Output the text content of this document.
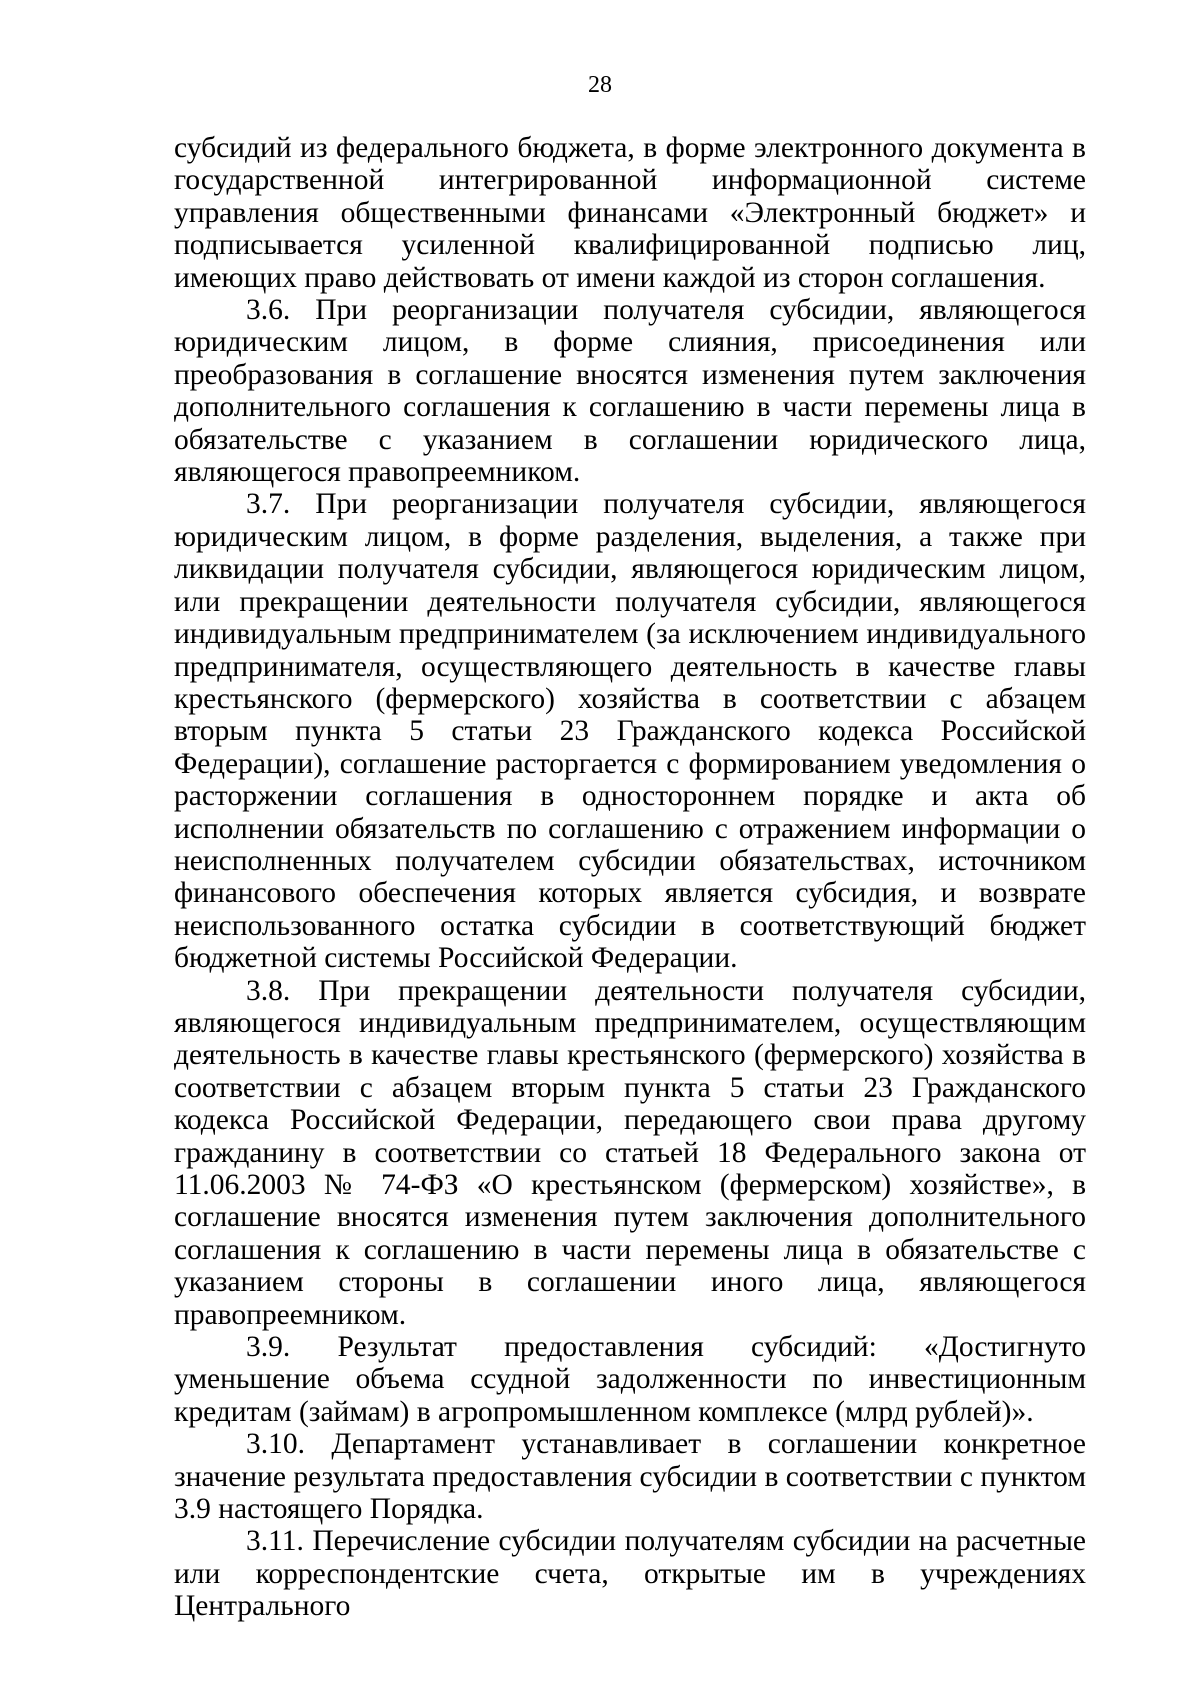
28

субсидий из федерального бюджета, в форме электронного документа в государственной интегрированной информационной системе управления общественными финансами «Электронный бюджет» и подписывается усиленной квалифицированной подписью лиц, имеющих право действовать от имени каждой из сторон соглашения.

3.6. При реорганизации получателя субсидии, являющегося юридическим лицом, в форме слияния, присоединения или преобразования в соглашение вносятся изменения путем заключения дополнительного соглашения к соглашению в части перемены лица в обязательстве с указанием в соглашении юридического лица, являющегося правопреемником.

3.7. При реорганизации получателя субсидии, являющегося юридическим лицом, в форме разделения, выделения, а также при ликвидации получателя субсидии, являющегося юридическим лицом, или прекращении деятельности получателя субсидии, являющегося индивидуальным предпринимателем (за исключением индивидуального предпринимателя, осуществляющего деятельность в качестве главы крестьянского (фермерского) хозяйства в соответствии с абзацем вторым пункта 5 статьи 23 Гражданского кодекса Российской Федерации), соглашение расторгается с формированием уведомления о расторжении соглашения в одностороннем порядке и акта об исполнении обязательств по соглашению с отражением информации о неисполненных получателем субсидии обязательствах, источником финансового обеспечения которых является субсидия, и возврате неиспользованного остатка субсидии в соответствующий бюджет бюджетной системы Российской Федерации.

3.8. При прекращении деятельности получателя субсидии, являющегося индивидуальным предпринимателем, осуществляющим деятельность в качестве главы крестьянского (фермерского) хозяйства в соответствии с абзацем вторым пункта 5 статьи 23 Гражданского кодекса Российской Федерации, передающего свои права другому гражданину в соответствии со статьей 18 Федерального закона от 11.06.2003 № 74-ФЗ «О крестьянском (фермерском) хозяйстве», в соглашение вносятся изменения путем заключения дополнительного соглашения к соглашению в части перемены лица в обязательстве с указанием стороны в соглашении иного лица, являющегося правопреемником.

3.9. Результат предоставления субсидий: «Достигнуто уменьшение объема ссудной задолженности по инвестиционным кредитам (займам) в агропромышленном комплексе (млрд рублей)».

3.10. Департамент устанавливает в соглашении конкретное значение результата предоставления субсидии в соответствии с пунктом 3.9 настоящего Порядка.

3.11. Перечисление субсидии получателям субсидии на расчетные или корреспондентские счета, открытые им в учреждениях Центрального
